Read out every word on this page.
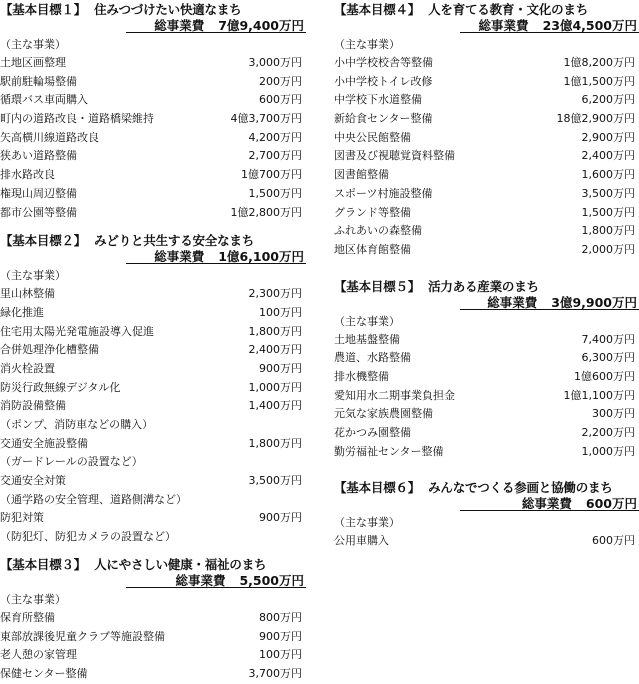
【基本目標１】 住みつづけたい快適なまち
総事業費 7億9,400万円
（主な事業）
土地区画整理	3,000万円
駅前駐輪場整備	200万円
循環バス車両購入	600万円
町内の道路改良・道路橋梁維持	4億3,700万円
矢高横川線道路改良	4,200万円
狭あい道路整備	2,700万円
排水路改良	1億700万円
権現山周辺整備	1,500万円
都市公園等整備	1億2,800万円
【基本目標２】 みどりと共生する安全なまち
総事業費 1億6,100万円
（主な事業）
里山林整備	2,300万円
緑化推進	100万円
住宅用太陽光発電施設導入促進	1,800万円
合併処理浄化槽整備	2,400万円
消火栓設置	900万円
防災行政無線デジタル化	1,000万円
消防設備整備	1,400万円
（ポンプ、消防車などの購入）
交通安全施設整備	1,800万円
（ガードレールの設置など）
交通安全対策	3,500万円
（通学路の安全管理、道路側溝など）
防犯対策	900万円
（防犯灯、防犯カメラの設置など）
【基本目標３】 人にやさしい健康・福祉のまち
総事業費 5,500万円
（主な事業）
保育所整備	800万円
東部放課後児童クラブ等施設整備	900万円
老人憩の家管理	100万円
保健センター整備	3,700万円
【基本目標４】 人を育てる教育・文化のまち
総事業費 23億4,500万円
（主な事業）
小中学校校舎等整備	1億8,200万円
小中学校トイレ改修	1億1,500万円
中学校下水道整備	6,200万円
新給食センター整備	18億2,900万円
中央公民館整備	2,900万円
図書及び視聴覚資料整備	2,400万円
図書館整備	1,600万円
スポーツ村施設整備	3,500万円
グランド等整備	1,500万円
ふれあいの森整備	1,800万円
地区体育館整備	2,000万円
【基本目標５】 活力ある産業のまち
総事業費 3億9,900万円
（主な事業）
土地基盤整備	7,400万円
農道、水路整備	6,300万円
排水機整備	1億600万円
愛知用水二期事業負担金	1億1,100万円
元気な家族農園整備	300万円
花かつみ園整備	2,200万円
勤労福祉センター整備	1,000万円
【基本目標６】 みんなでつくる参画と協働のまち
総事業費 600万円
（主な事業）
公用車購入	600万円
